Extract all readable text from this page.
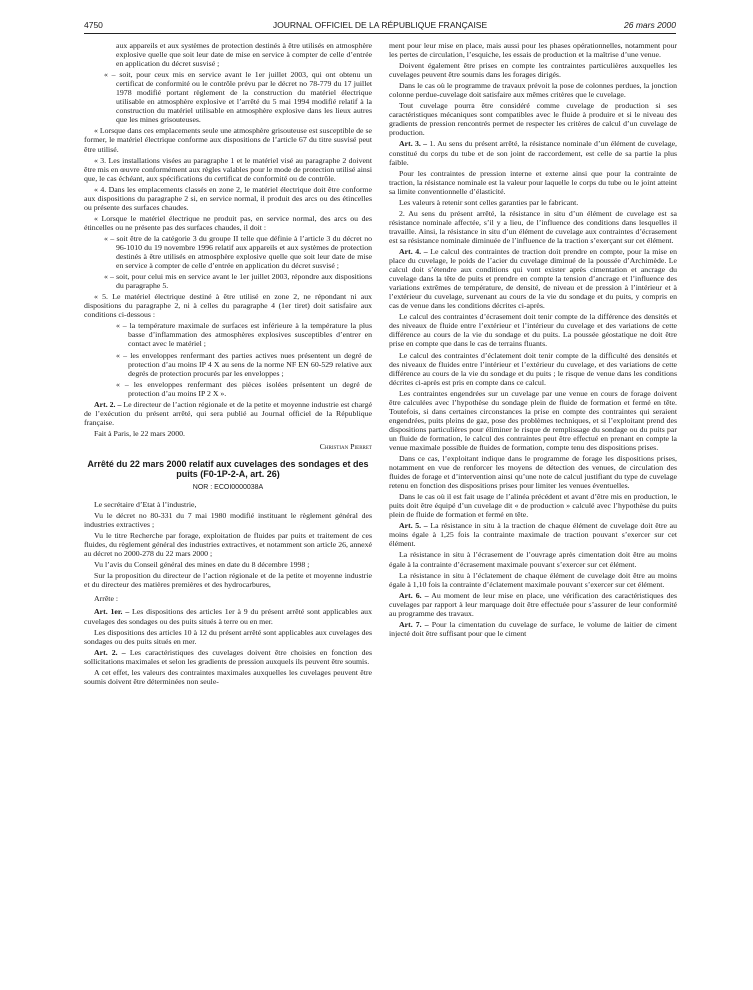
4750	JOURNAL OFFICIEL DE LA RÉPUBLIQUE FRANÇAISE	26 mars 2000

aux appareils et aux systèmes de protection destinés à être utilisés en atmosphère explosive quelle que soit leur date de mise en service à compter de celle d’entrée en application du décret susvisé ;

« – soit, pour ceux mis en service avant le 1er juillet 2003, qui ont obtenu un certificat de conformité ou le contrôle prévu par le décret no 78-779 du 17 juillet 1978 modifié portant règlement de la construction du matériel électrique utilisable en atmosphère explosive et l’arrêté du 5 mai 1994 modifié relatif à la construction du matériel utilisable en atmosphère explosive dans les lieux autres que les mines grisouteuses.

« Lorsque dans ces emplacements seule une atmosphère grisouteuse est susceptible de se former, le matériel électrique conforme aux dispositions de l’article 67 du titre susvisé peut être utilisé.

« 3. Les installations visées au paragraphe 1 et le matériel visé au paragraphe 2 doivent être mis en œuvre conformément aux règles valables pour le mode de protection utilisé ainsi que, le cas échéant, aux spécifications du certificat de conformité ou de contrôle.

« 4. Dans les emplacements classés en zone 2, le matériel électrique doit être conforme aux dispositions du paragraphe 2 si, en service normal, il produit des arcs ou des étincelles ou présente des surfaces chaudes.

« Lorsque le matériel électrique ne produit pas, en service normal, des arcs ou des étincelles ou ne présente pas des surfaces chaudes, il doit :

« – soit être de la catégorie 3 du groupe II telle que définie à l’article 3 du décret no 96-1010 du 19 novembre 1996 relatif aux appareils et aux systèmes de protection destinés à être utilisés en atmosphère explosive quelle que soit leur date de mise en service à compter de celle d’entrée en application du décret susvisé ;

« – soit, pour celui mis en service avant le 1er juillet 2003, répondre aux dispositions du paragraphe 5.

« 5. Le matériel électrique destiné à être utilisé en zone 2, ne répondant ni aux dispositions du paragraphe 2, ni à celles du paragraphe 4 (1er tiret) doit satisfaire aux conditions ci-dessous :

« – la température maximale de surfaces est inférieure à la température la plus basse d’inflammation des atmosphères explosives susceptibles d’entrer en contact avec le matériel ;

« – les enveloppes renfermant des parties actives nues présentent un degré de protection d’au moins IP 4 X au sens de la norme NF EN 60-529 relative aux degrés de protection procurés par les enveloppes ;

« – les enveloppes renfermant des pièces isolées présentent un degré de protection d’au moins IP 2 X ».

Art. 2. – Le directeur de l’action régionale et de la petite et moyenne industrie est chargé de l’exécution du présent arrêté, qui sera publié au Journal officiel de la République française.

Fait à Paris, le 22 mars 2000.

Christian Pierret

Arrêté du 22 mars 2000 relatif aux cuvelages des sondages et des puits (F0-1P-2-A, art. 26)
NOR : ECOI0000038A

Le secrétaire d’Etat à l’industrie,

Vu le décret no 80-331 du 7 mai 1980 modifié instituant le règlement général des industries extractives ;

Vu le titre Recherche par forage, exploitation de fluides par puits et traitement de ces fluides, du règlement général des industries extractives, et notamment son article 26, annexé au décret no 2000-278 du 22 mars 2000 ;

Vu l’avis du Conseil général des mines en date du 8 décembre 1998 ;

Sur la proposition du directeur de l’action régionale et de la petite et moyenne industrie et du directeur des matières premières et des hydrocarbures,

Arrête :

Art. 1er. – Les dispositions des articles 1er à 9 du présent arrêté sont applicables aux cuvelages des sondages ou des puits situés à terre ou en mer.

Les dispositions des articles 10 à 12 du présent arrêté sont applicables aux cuvelages des sondages ou des puits situés en mer.

Art. 2. – Les caractéristiques des cuvelages doivent être choisies en fonction des sollicitations maximales et selon les gradients de pression auxquels ils peuvent être soumis.

A cet effet, les valeurs des contraintes maximales auxquelles les cuvelages peuvent être soumis doivent être déterminées non seule-

ment pour leur mise en place, mais aussi pour les phases opérationnelles, notamment pour les pertes de circulation, l’esquiche, les essais de production et la maîtrise d’une venue.

Doivent également être prises en compte les contraintes particulières auxquelles les cuvelages peuvent être soumis dans les forages dirigés.

Dans le cas où le programme de travaux prévoit la pose de colonnes perdues, la jonction colonne perdue-cuvelage doit satisfaire aux mêmes critères que le cuvelage.

Tout cuvelage pourra être considéré comme cuvelage de production si ses caractéristiques mécaniques sont compatibles avec le fluide à produire et si le niveau des gradients de pression rencontrés permet de respecter les critères de calcul d’un cuvelage de production.

Art. 3. – 1. Au sens du présent arrêté, la résistance nominale d’un élément de cuvelage, constitué du corps du tube et de son joint de raccordement, est celle de sa partie la plus faible.

Pour les contraintes de pression interne et externe ainsi que pour la contrainte de traction, la résistance nominale est la valeur pour laquelle le corps du tube ou le joint atteint sa limite conventionnelle d’élasticité.

Les valeurs à retenir sont celles garanties par le fabricant.

2. Au sens du présent arrêté, la résistance in situ d’un élément de cuvelage est sa résistance nominale affectée, s’il y a lieu, de l’influence des conditions dans lesquelles il travaille. Ainsi, la résistance in situ d’un élément de cuvelage aux contraintes d’écrasement est sa résistance nominale diminuée de l’influence de la traction s’exerçant sur cet élément.

Art. 4. – Le calcul des contraintes de traction doit prendre en compte, pour la mise en place du cuvelage, le poids de l’acier du cuvelage diminué de la poussée d’Archimède. Le calcul doit s’étendre aux conditions qui vont exister après cimentation et ancrage du cuvelage dans la tête de puits et prendre en compte la tension d’ancrage et l’influence des variations extrêmes de température, de densité, de niveau et de pression à l’intérieur et à l’extérieur du cuvelage, survenant au cours de la vie du sondage et du puits, y compris en cas de venue dans les conditions décrites ci-après.

Le calcul des contraintes d’écrasement doit tenir compte de la différence des densités et des niveaux de fluide entre l’extérieur et l’intérieur du cuvelage et des variations de cette différence au cours de la vie du sondage et du puits. La poussée géostatique ne doit être prise en compte que dans le cas de terrains fluants.

Le calcul des contraintes d’éclatement doit tenir compte de la difficulté des densités et des niveaux de fluides entre l’intérieur et l’extérieur du cuvelage, et des variations de cette différence au cours de la vie du sondage et du puits ; le risque de venue dans les conditions décrites ci-après est pris en compte dans ce calcul.

Les contraintes engendrées sur un cuvelage par une venue en cours de forage doivent être calculées avec l’hypothèse du sondage plein de fluide de formation et fermé en tête. Toutefois, si dans certaines circonstances la prise en compte des contraintes qui seraient engendrées, puits pleins de gaz, pose des problèmes techniques, et si l’exploitant prend des dispositions particulières pour éliminer le risque de remplissage du sondage ou du puits par un fluide de formation, le calcul des contraintes peut être effectué en prenant en compte la venue maximale possible de fluides de formation, compte tenu des dispositions prises.

Dans ce cas, l’exploitant indique dans le programme de forage les dispositions prises, notamment en vue de renforcer les moyens de détection des venues, de circulation des fluides de forage et d’intervention ainsi qu’une note de calcul justifiant du type de cuvelage retenu en fonction des dispositions prises pour limiter les venues éventuelles.

Dans le cas où il est fait usage de l’alinéa précédent et avant d’être mis en production, le puits doit être équipé d’un cuvelage dit « de production » calculé avec l’hypothèse du puits plein de fluide de formation et fermé en tête.

Art. 5. – La résistance in situ à la traction de chaque élément de cuvelage doit être au moins égale à 1,25 fois la contrainte maximale de traction pouvant s’exercer sur cet élément.

La résistance in situ à l’écrasement de l’ouvrage après cimentation doit être au moins égale à la contrainte d’écrasement maximale pouvant s’exercer sur cet élément.

La résistance in situ à l’éclatement de chaque élément de cuvelage doit être au moins égale à 1,10 fois la contrainte d’éclatement maximale pouvant s’exercer sur cet élément.

Art. 6. – Au moment de leur mise en place, une vérification des caractéristiques des cuvelages par rapport à leur marquage doit être effectuée pour s’assurer de leur conformité au programme des travaux.

Art. 7. – Pour la cimentation du cuvelage de surface, le volume de laitier de ciment injecté doit être suffisant pour que le ciment
